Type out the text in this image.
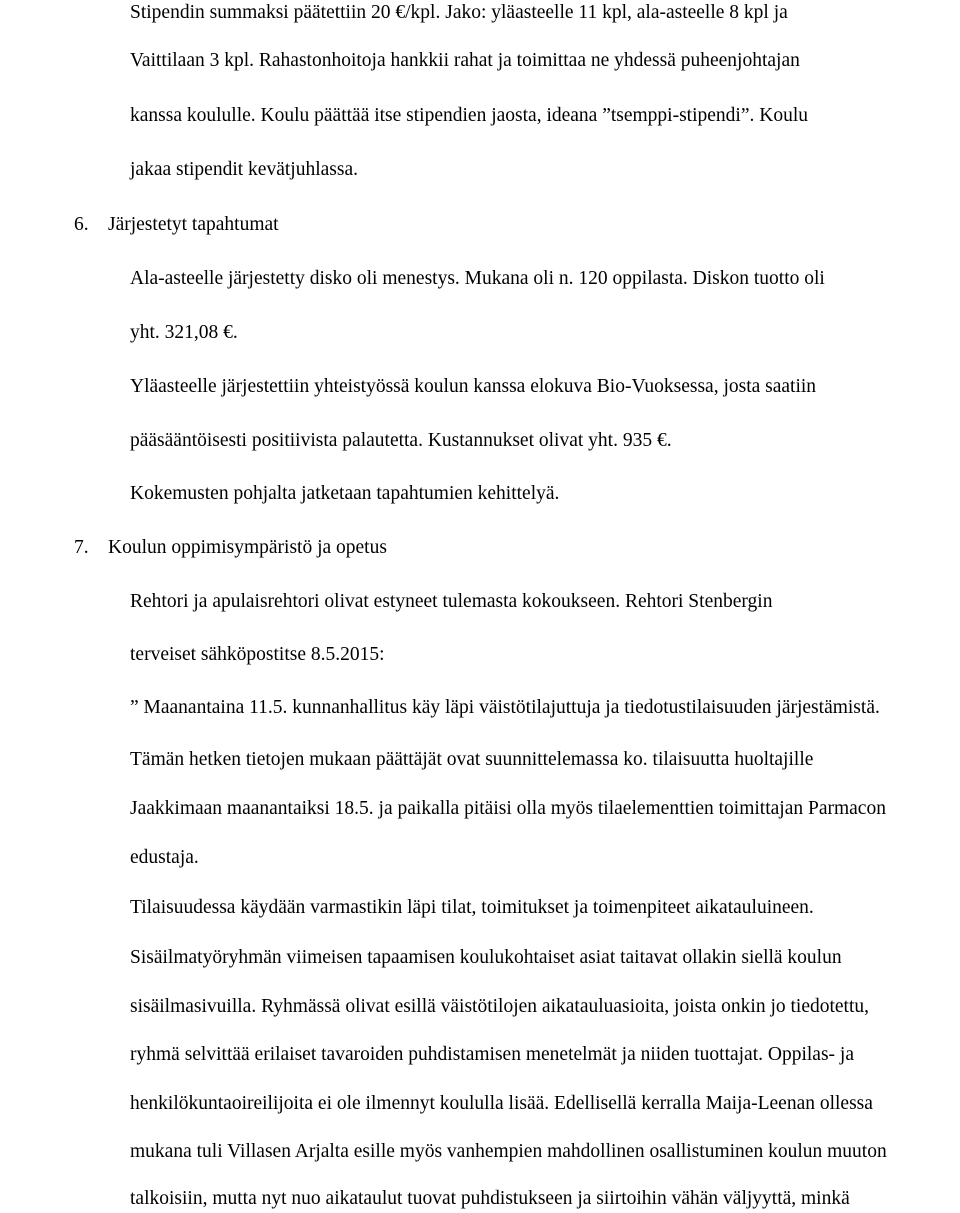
Stipendin summaksi päätettiin 20 €/kpl. Jako: yläasteelle 11 kpl, ala-asteelle 8 kpl ja
Vaittilaan 3 kpl. Rahastonhoitoja hankkii rahat ja toimittaa ne yhdessä puheenjohtajan
kanssa koululle. Koulu päättää itse stipendien jaosta, ideana ”tsemppi-stipendi”. Koulu
jakaa stipendit kevätjuhlassa.
6. Järjestetyt tapahtumat
Ala-asteelle järjestetty disko oli menestys. Mukana oli n. 120 oppilasta. Diskon tuotto oli
yht. 321,08 €.
Yläasteelle järjestettiin yhteistyössä koulun kanssa elokuva Bio-Vuoksessa, josta saatiin
pääsääntöisesti positiivista palautetta. Kustannukset olivat yht. 935 €.
Kokemusten pohjalta jatketaan tapahtumien kehittelyä.
7. Koulun oppimisympäristö ja opetus
Rehtori ja apulaisrehtori olivat estyneet tulemasta kokoukseen. Rehtori Stenbergin
terveiset sähköpostitse 8.5.2015:
” Maanantaina 11.5. kunnanhallitus käy läpi väistötilajuttuja ja tiedotustilaisuuden järjestämistä.
Tämän hetken tietojen mukaan päättäjät ovat suunnittelemassa ko. tilaisuutta huoltajille
Jaakkimaan maanantaiksi 18.5. ja paikalla pitäisi olla myös tilaelementtien toimittajan Parmacon
edustaja.
Tilaisuudessa käydään varmastikin läpi tilat, toimitukset ja toimenpiteet aikatauluineen.
Sisäilmatyöryhmän viimeisen tapaamisen koulukohtaiset asiat taitavat ollakin siellä koulun
sisäilmasivuilla. Ryhmässä olivat esillä väistötilojen aikatauluasioita, joista onkin jo tiedotettu,
ryhmä selvittää erilaiset tavaroiden puhdistamisen menetelmät ja niiden tuottajat. Oppilas- ja
henkilökuntaoireilijoita ei ole ilmennyt koululla lisää. Edellisellä kerralla Maija-Leenan ollessa
mukana tuli Villasen Arjalta esille myös vanhempien mahdollinen osallistuminen koulun muuton
talkoisiin, mutta nyt nuo aikataulut tuovat puhdistukseen ja siirtoihin vähän väljyyttä, minkä
